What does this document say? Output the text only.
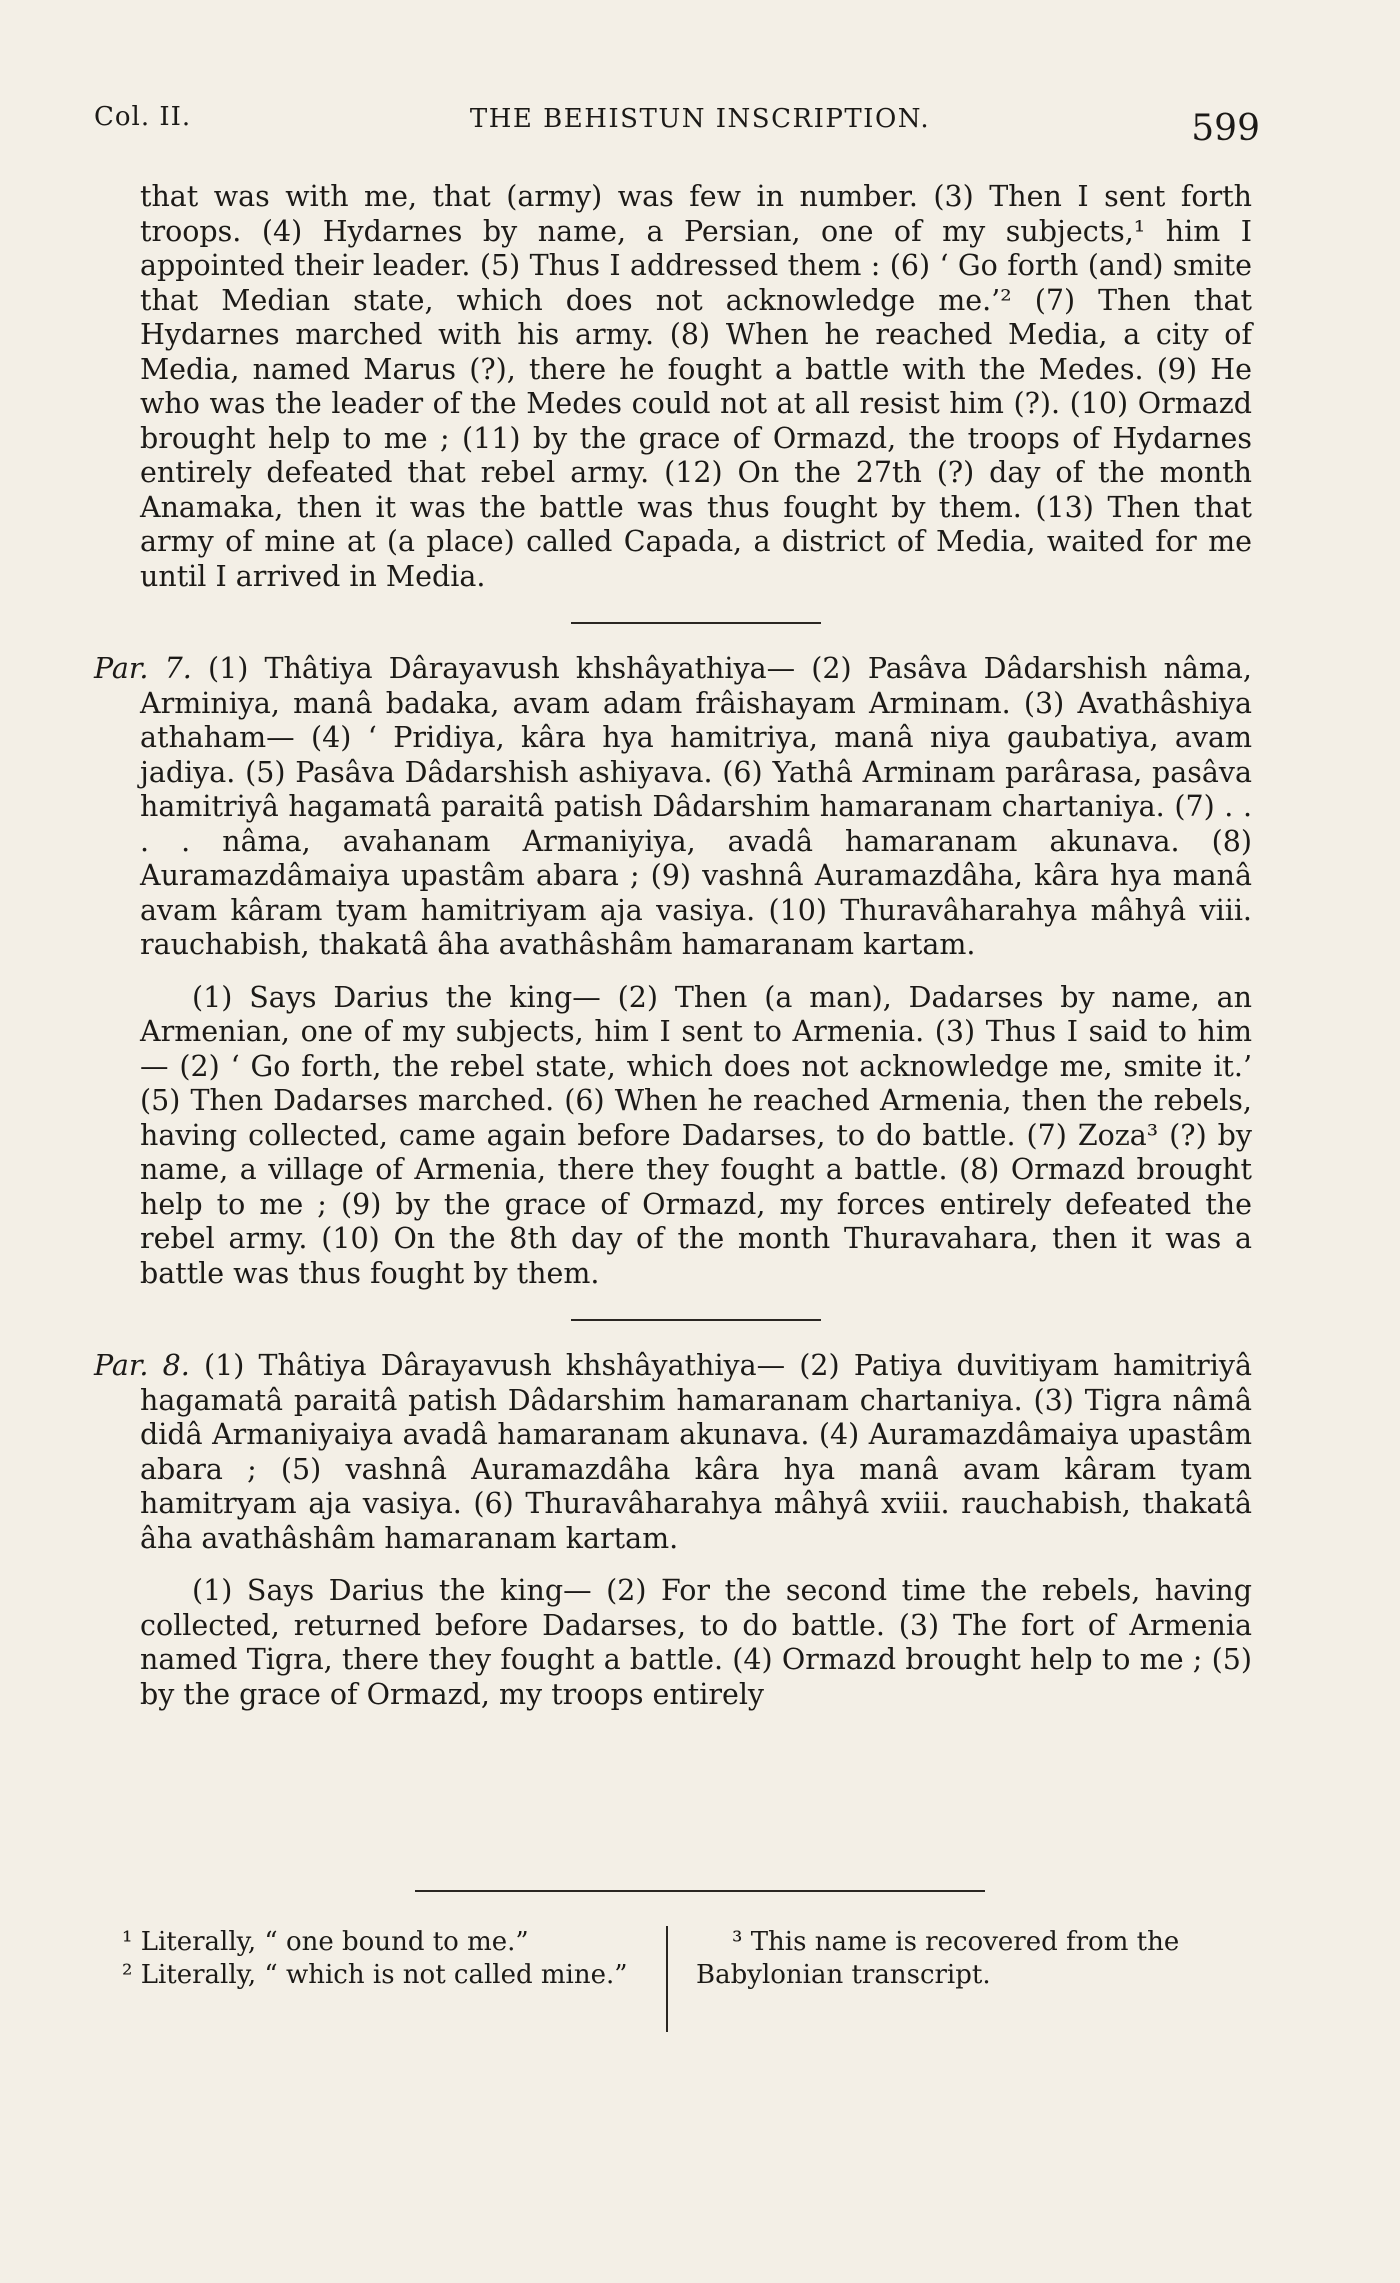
Col. II.	THE BEHISTUN INSCRIPTION.	599

that was with me, that (army) was few in number. (3) Then I sent forth troops. (4) Hydarnes by name, a Persian, one of my subjects,¹ him I appointed their leader. (5) Thus I addressed them : (6) ‘ Go forth (and) smite that Median state, which does not acknowledge me.’² (7) Then that Hydarnes marched with his army. (8) When he reached Media, a city of Media, named Marus (?), there he fought a battle with the Medes. (9) He who was the leader of the Medes could not at all resist him (?). (10) Ormazd brought help to me ; (11) by the grace of Ormazd, the troops of Hydarnes entirely defeated that rebel army. (12) On the 27th (?) day of the month Anamaka, then it was the battle was thus fought by them. (13) Then that army of mine at (a place) called Capada, a district of Media, waited for me until I arrived in Media.

Par. 7. (1) Thâtiya Dârayavush khshâyathiya— (2) Pasâva Dâdarshish nâma, Arminiya, manâ badaka, avam adam frâishayam Arminam. (3) Avathâshiya athaham— (4) ‘ Pridiya, kâra hya hamitriya, manâ niya gaubatiya, avam jadiya. (5) Pasâva Dâdarshish ashiyava. (6) Yathâ Arminam parârasa, pasâva hamitriyâ hagamatâ paraitâ patish Dâdarshim hamaranam chartaniya. (7) . . . . nâma, avahanam Armaniyiya, avadâ hamaranam akunava. (8) Auramazdâmaiya upastâm abara ; (9) vashnâ Auramazdâha, kâra hya manâ avam kâram tyam hamitriyam aja vasiya. (10) Thuravâharahya mâhyâ viii. rauchabish, thakatâ âha avathâshâm hamaranam kartam.

(1) Says Darius the king— (2) Then (a man), Dadarses by name, an Armenian, one of my subjects, him I sent to Armenia. (3) Thus I said to him— (2) ‘ Go forth, the rebel state, which does not acknowledge me, smite it.’ (5) Then Dadarses marched. (6) When he reached Armenia, then the rebels, having collected, came again before Dadarses, to do battle. (7) Zoza³ (?) by name, a village of Armenia, there they fought a battle. (8) Ormazd brought help to me ; (9) by the grace of Ormazd, my forces entirely defeated the rebel army. (10) On the 8th day of the month Thuravahara, then it was a battle was thus fought by them.

Par. 8. (1) Thâtiya Dârayavush khshâyathiya— (2) Patiya duvitiyam hamitriyâ hagamatâ paraitâ patish Dâdarshim hamaranam chartaniya. (3) Tigra nâmâ didâ Armaniyaiya avadâ hamaranam akunava. (4) Auramazdâmaiya upastâm abara ; (5) vashnâ Auramazdâha kâra hya manâ avam kâram tyam hamitryam aja vasiya. (6) Thuravâharahya mâhyâ xviii. rauchabish, thakatâ âha avathâshâm hamaranam kartam.

(1) Says Darius the king— (2) For the second time the rebels, having collected, returned before Dadarses, to do battle. (3) The fort of Armenia named Tigra, there they fought a battle. (4) Ormazd brought help to me ; (5) by the grace of Ormazd, my troops entirely

¹ Literally, “ one bound to me.”

² Literally, “ which is not called mine.”

³ This name is recovered from the Babylonian transcript.
